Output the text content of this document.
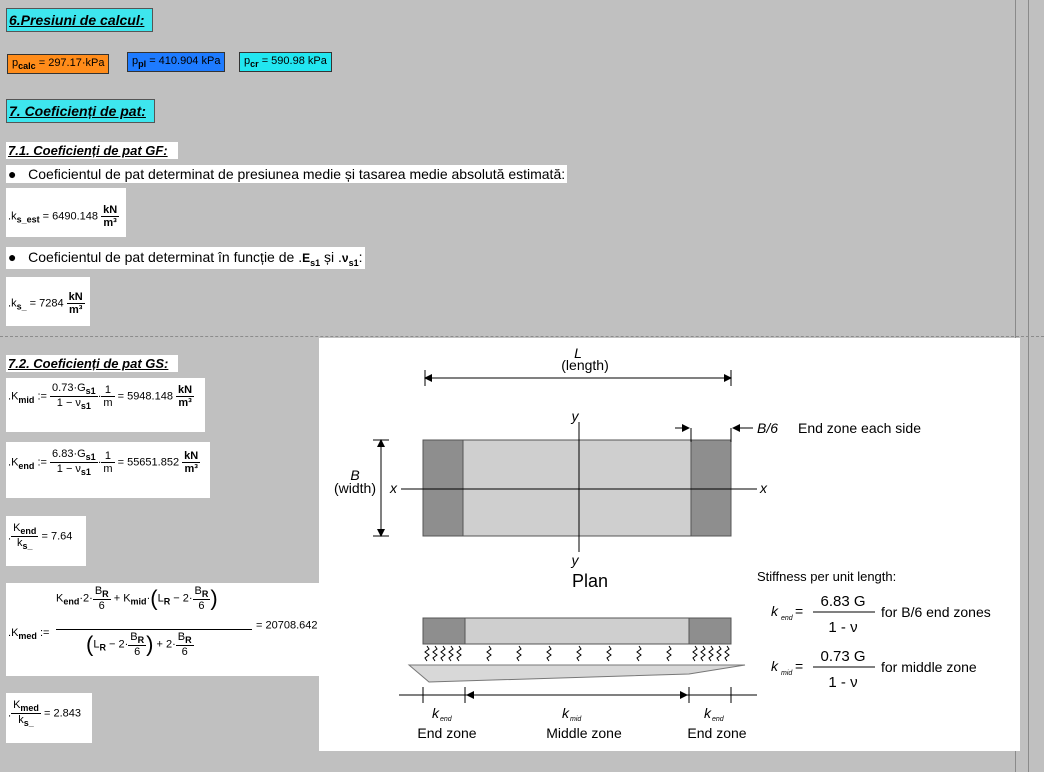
6.Presiuni de calcul:
$p_{calc} = 297.17\cdot kPa$	$p_{pl} = 410.904$ kPa	$p_{cr} = 590.98$ kPa
7. Coeficienți de pat:
7.1. Coeficienți de pat GF:
● Coeficientul de pat determinat de presiunea medie și tasarea medie absolută estimată:
$.k_{s\_est} = 6490.148 \frac{kN}{\text{m³}}$
● Coeficientul de pat determinat în funcție de $.E_{s1}$ și $.\nu_{s1}$:
$.k_{s\_} = 7284 \frac{kN}{\text{m³}}$
7.2. Coeficienți de pat GS:
$.K_{mid}$ := $\frac{0.73\cdot G_{s1}}{1 - \nu_{s1}} \cdot \frac{1}{m} = 5948.148 \frac{kN}{\text{m³}}$
$.K_{end}$ := $\frac{6.83\cdot G_{s1}}{1 - \nu_{s1}} \cdot \frac{1}{m} = 55651.852 \frac{kN}{\text{m³}}$
. $\frac{K_{end}}{k_{s\_}} = 7.64$
$.K_{med}$ :=
$K_{end}\cdot 2\cdot \frac{B_R}{6} + K_{mid}\cdot(L_R - 2\cdot \frac{B_R}{6}$ )
($L_R - 2\cdot \frac{B_R}{6}$ ) + $2\cdot \frac{B_R}{6}$
= 20708.642
. $\frac{K_{med}}{k_{s\_}} = 2.843$
L
(length)
y
y
x	x
B
(width)
B/6 End zone each side
Plan	Stiffness per unit length:
k end =
6.83 G
1 - ν
for B/6 end zones
k mid =
0.73 G
1 - ν
for middle zone
k end	k mid	k end
End zone	Middle zone	End zone
